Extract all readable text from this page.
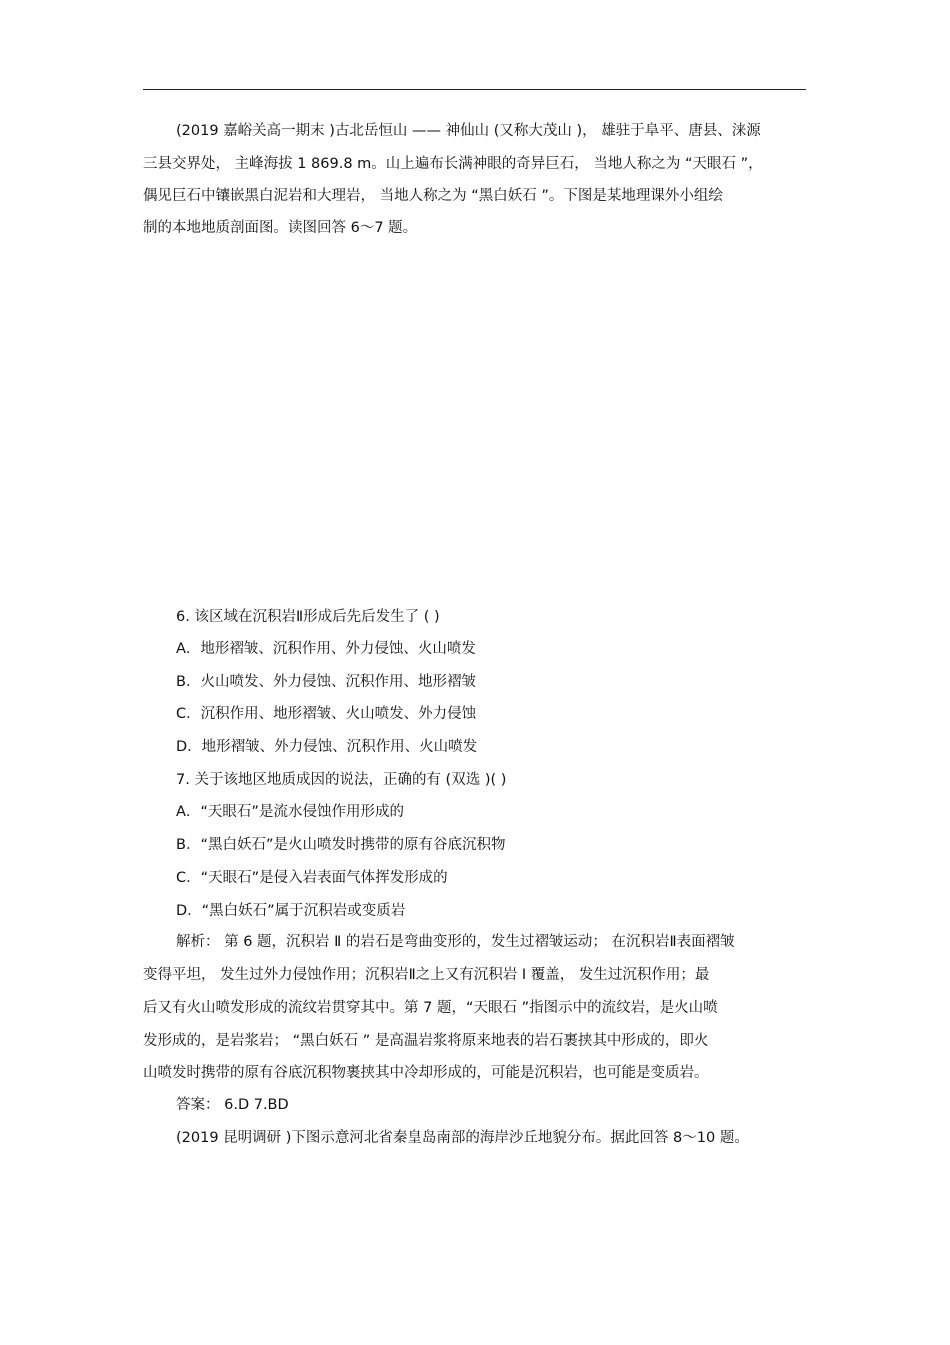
(2019 嘉峪关高一期末 )古北岳恒山 —— 神仙山 (又称大茂山 )， 雄驻于阜平、唐县、涞源
三县交界处， 主峰海拔 1 869.8 m。山上遍布长满神眼的奇异巨石， 当地人称之为 “天眼石 ”，
偶见巨石中镶嵌黑白泥岩和大理岩， 当地人称之为 “黑白妖石 ”。下图是某地理课外小组绘
制的本地地质剖面图。读图回答 6～7 题。
6. 该区域在沉积岩Ⅱ形成后先后发生了 ( )
A．地形褶皱、沉积作用、外力侵蚀、火山喷发
B．火山喷发、外力侵蚀、沉积作用、地形褶皱
C．沉积作用、地形褶皱、火山喷发、外力侵蚀
D．地形褶皱、外力侵蚀、沉积作用、火山喷发
7. 关于该地区地质成因的说法，正确的有 (双选 )( )
A．“天眼石”是流水侵蚀作用形成的
B．“黑白妖石”是火山喷发时携带的原有谷底沉积物
C．“天眼石”是侵入岩表面气体挥发形成的
D．“黑白妖石”属于沉积岩或变质岩
解析： 第 6 题，沉积岩 Ⅱ 的岩石是弯曲变形的，发生过褶皱运动； 在沉积岩Ⅱ表面褶皱
变得平坦， 发生过外力侵蚀作用；沉积岩Ⅱ之上又有沉积岩 Ⅰ 覆盖， 发生过沉积作用；最
后又有火山喷发形成的流纹岩贯穿其中。第 7 题，“天眼石 ”指图示中的流纹岩，是火山喷
发形成的，是岩浆岩； “黑白妖石 ” 是高温岩浆将原来地表的岩石裹挟其中形成的，即火
山喷发时携带的原有谷底沉积物裹挟其中冷却形成的，可能是沉积岩，也可能是变质岩。
答案： 6.D 7.BD
(2019 昆明调研 )下图示意河北省秦皇岛南部的海岸沙丘地貌分布。据此回答 8～10 题。
